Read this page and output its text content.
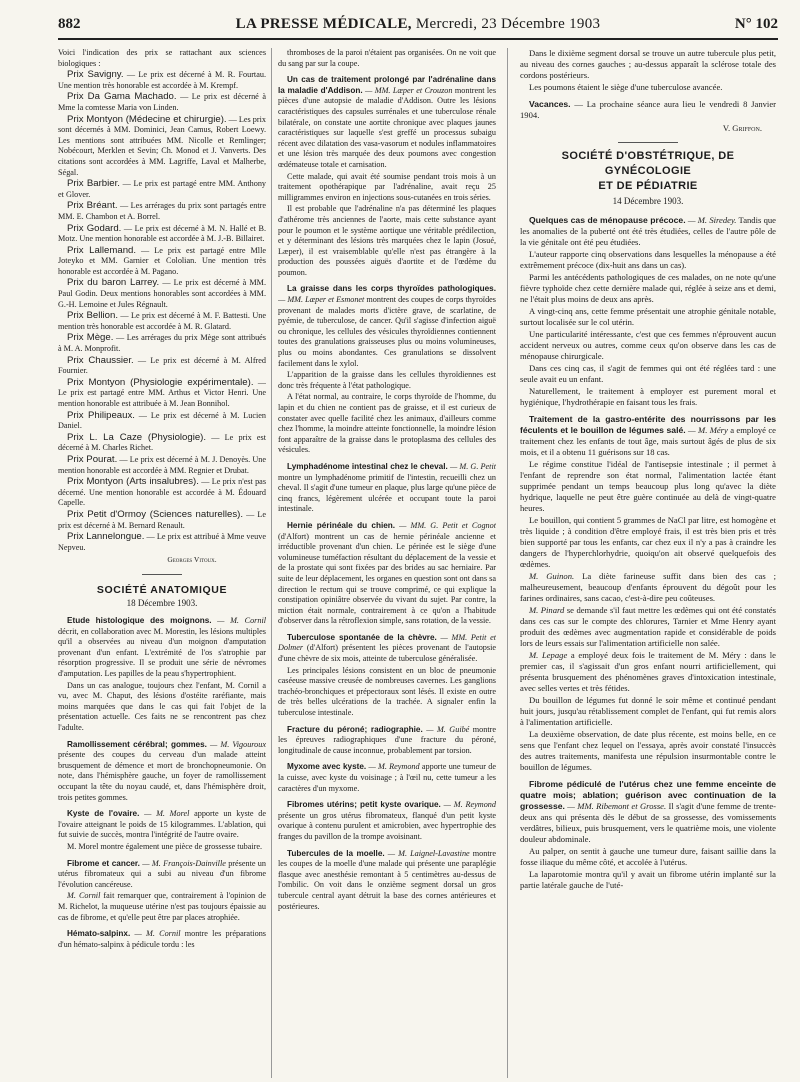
882	LA PRESSE MÉDICALE, Mercredi, 23 Décembre 1903	N° 102

Voici l'indication des prix se rattachant aux sciences biologiques :

Prix Savigny. — Le prix est décerné à M. R. Fourtau. Une mention très honorable est accordée à M. Krempf.

Prix Da Gama Machado. — Le prix est décerné à Mme la comtesse Maria von Linden.

Prix Montyon (Médecine et chirurgie). — Les prix sont décernés à MM. Dominici, Jean Camus, Robert Loewy. Les mentions sont attribuées MM. Nicolle et Remlinger; Nobécourt, Merklen et Sevin; Ch. Monod et J. Vanverts. Des citations sont accordées à MM. Lagriffe, Laval et Malherbe, Ségal.

Prix Barbier. — Le prix est partagé entre MM. Anthony et Glover.

Prix Bréant. — Les arrérages du prix sont partagés entre MM. E. Chambon et A. Borrel.

Prix Godard. — Le prix est décerné à M. N. Hallé et B. Motz. Une mention honorable est accordée à M. J.-B. Billairet.

Prix Lallemand. — Le prix est partagé entre Mlle Joteyko et MM. Garnier et Cololian. Une mention très honorable est accordée à M. Pagano.

Prix du baron Larrey. — Le prix est décerné à MM. Paul Godin. Deux mentions honorables sont accordées à MM. G.-H. Lemoine et Jules Régnault.

Prix Bellion. — Le prix est décerné à M. F. Battesti. Une mention très honorable est accordée à M. R. Glatard.

Prix Mège. — Les arrérages du prix Mège sont attribués à M. A. Monprofit.

Prix Chaussier. — Le prix est décerné à M. Alfred Fournier.

Prix Montyon (Physiologie expérimentale). — Le prix est partagé entre MM. Arthus et Victor Henri. Une mention honorable est attribuée à M. Jean Bonnihol.

Prix Philipeaux. — Le prix est décerné à M. Lucien Daniel.

Prix L. La Caze (Physiologie). — Le prix est décerné à M. Charles Richet.

Prix Pourat. — Le prix est décerné à M. J. Denoyès. Une mention honorable est accordée à MM. Regnier et Drubat.

Prix Montyon (Arts insalubres). — Le prix n'est pas décerné. Une mention honorable est accordée à M. Édouard Capelle.

Prix Petit d'Ormoy (Sciences naturelles). — Le prix est décerné à M. Bernard Renault.

Prix Lannelongue. — Le prix est attribué à Mme veuve Nepveu.

Georges Vitoux.
SOCIÉTÉ ANATOMIQUE
18 Décembre 1903.

Etude histologique des moignons. — M. Cornil décrit, en collaboration avec M. Morestin, les lésions multiples qu'il a observées au niveau d'un moignon d'amputation provenant d'un enfant. L'extrémité de l'os s'atrophie par résorption progressive. Il se produit une série de névromes d'amputation. Les papilles de la peau s'hypertrophient.

Dans un cas analogue, toujours chez l'enfant, M. Cornil a vu, avec M. Chaput, des lésions d'ostéite raréfiante, mais moins marquées que dans le cas qui fait l'objet de la présentation actuelle. Ces faits ne se rencontrent pas chez l'adulte.

Ramollissement cérébral; gommes. — M. Vigouroux présente des coupes du cerveau d'un malade atteint brusquement de démence et mort de bronchopneumonie. On note, dans l'hémisphère gauche, un foyer de ramollissement occupant la tête du noyau caudé, et, dans l'hémisphère droit, trois petites gommes.

Kyste de l'ovaire. — M. Morel apporte un kyste de l'ovaire atteignant le poids de 15 kilogrammes. L'ablation, qui fut suivie de succès, montra l'intégrité de l'autre ovaire.

M. Morel montre également une pièce de grossesse tubaire.

Fibrome et cancer. — M. François-Dainville présente un utérus fibromateux qui a subi au niveau d'un fibrome l'évolution cancéreuse.

M. Cornil fait remarquer que, contrairement à l'opinion de M. Richelot, la muqueuse utérine n'est pas toujours épaissie au cas de fibrome, et qu'elle peut être par places atrophiée.

Hémato-salpinx. — M. Cornil montre les préparations d'un hémato-salpinx à pédicule tordu : les

thromboses de la paroi n'étaient pas organisées. On ne voit que du sang par sur la coupe.

Un cas de traitement prolongé par l'adrénaline dans la maladie d'Addison. — MM. Læper et Crouzon montrent les pièces d'une autopsie de maladie d'Addison. Outre les lésions caractéristiques des capsules surrénales et une tuberculose rénale bilatérale, on constate une aortite chronique avec plaques jaunes caractéristiques sur laquelle s'est greffé un processus subaigu récent avec dilatation des vasa-vasorum et nodules inflammatoires et une lésion très marquée des deux poumons avec congestion œdémateuse totale et carnisation.

Cette malade, qui avait été soumise pendant trois mois à un traitement opothérapique par l'adrénaline, avait reçu 25 milligrammes environ en injections sous-cutanées en trois séries.

Il est probable que l'adrénaline n'a pas déterminé les plaques d'athérome très anciennes de l'aorte, mais cette substance ayant pour le poumon et le système aortique une véritable prédilection, et y déterminant des lésions très marquées chez le lapin (Josué, Læper), il est vraisemblable qu'elle n'est pas étrangère à la production des poussées aiguës d'aortite et de l'œdème du poumon.

La graisse dans les corps thyroïdes pathologiques. — MM. Læper et Esmonet montrent des coupes de corps thyroïdes provenant de malades morts d'ictère grave, de scarlatine, de pyémie, de tuberculose, de cancer. Qu'il s'agisse d'infection aiguë ou chronique, les cellules des vésicules thyroïdiennes contiennent toutes des granulations graisseuses plus ou moins volumineuses, plus ou moins abondantes. Ces granulations se dissolvent facilement dans le xylol.

L'apparition de la graisse dans les cellules thyroïdiennes est donc très fréquente à l'état pathologique.

A l'état normal, au contraire, le corps thyroïde de l'homme, du lapin et du chien ne contient pas de graisse, et il est curieux de constater avec quelle facilité chez les animaux, d'ailleurs comme chez l'homme, la moindre atteinte fonctionnelle, la moindre lésion font apparaître de la graisse dans le protoplasma des cellules des vésicules.

Lymphadénome intestinal chez le cheval. — M. G. Petit montre un lymphadénome primitif de l'intestin, recueilli chez un cheval. Il s'agit d'une tumeur en plaque, plus large qu'une pièce de cinq francs, légèrement ulcérée et occupant toute la paroi intestinale.

Hernie périnéale du chien. — MM. G. Petit et Cognot (d'Alfort) montrent un cas de hernie périnéale ancienne et irréductible provenant d'un chien. Le périnée est le siège d'une volumineuse tuméfaction résultant du déplacement de la vessie et de la prostate qui sont fixées par des brides au sac herniaire. Par suite de leur déplacement, les organes en question sont ont dans sa direction le rectum qui se trouve comprimé, ce qui explique la constipation opiniâtre observée du vivant du sujet. Par contre, la miction était normale, contrairement à ce qu'on a l'habitude d'observer dans la rétroflexion simple, sans rotation, de la vessie.

Tuberculose spontanée de la chèvre. — MM. Petit et Dolmer (d'Alfort) présentent les pièces provenant de l'autopsie d'une chèvre de six mois, atteinte de tuberculose généralisée.

Les principales lésions consistent en un bloc de pneumonie caséeuse massive creusée de nombreuses cavernes. Les ganglions trachéo-bronchiques et prépectoraux sont lésés. Il existe en outre de très belles ulcérations de la trachée. A signaler enfin la tuberculose intestinale.

Fracture du péroné; radiographie. — M. Guibé montre les épreuves radiographiques d'une fracture du péroné, longitudinale de cause inconnue, probablement par torsion.

Myxome avec kyste. — M. Reymond apporte une tumeur de la cuisse, avec kyste du voisinage ; à l'œil nu, cette tumeur a les caractères d'un myxome.

Fibromes utérins; petit kyste ovarique. — M. Reymond présente un gros utérus fibromateux, flanqué d'un petit kyste ovarique à contenu purulent et amicrobien, avec hypertrophie des franges du pavillon de la trompe avoisinant.

Tubercules de la moelle. — M. Laignel-Lavastine montre les coupes de la moelle d'une malade qui présente une paraplégie flasque avec anesthésie remontant à 5 centimètres au-dessus de l'ombilic. On voit dans le onzième segment dorsal un gros tubercule central ayant détruit la base des cornes antérieures et postérieures.

Dans le dixième segment dorsal se trouve un autre tubercule plus petit, au niveau des cornes gauches ; au-dessus apparaît la sclérose totale des cordons postérieurs.

Les poumons étaient le siège d'une tuberculose avancée.

Vacances. — La prochaine séance aura lieu le vendredi 8 Janvier 1904.

V. Griffon.
SOCIÉTÉ D'OBSTÉTRIQUE, DE GYNÉCOLOGIE
ET DE PÉDIATRIE
14 Décembre 1903.

Quelques cas de ménopause précoce. — M. Siredey. Tandis que les anomalies de la puberté ont été très étudiées, celles de l'autre pôle de la vie génitale ont été peu étudiées.

L'auteur rapporte cinq observations dans lesquelles la ménopause a été extrêmement précoce (dix-huit ans dans un cas).

Parmi les antécédents pathologiques de ces malades, on ne note qu'une fièvre typhoïde chez cette dernière malade qui, réglée à seize ans et demi, ne l'était plus moins de deux ans après.

A vingt-cinq ans, cette femme présentait une atrophie génitale notable, surtout localisée sur le col utérin.

Une particularité intéressante, c'est que ces femmes n'éprouvent aucun accident nerveux ou autres, comme ceux qu'on observe dans les cas de ménopause chirurgicale.

Dans ces cinq cas, il s'agit de femmes qui ont été réglées tard : une seule avait eu un enfant.

Naturellement, le traitement à employer est purement moral et hygiénique, l'hydrothérapie en faisant tous les frais.

Traitement de la gastro-entérite des nourrissons par les féculents et le bouillon de légumes salé. — M. Méry a employé ce traitement chez les enfants de tout âge, mais surtout âgés de plus de six mois, et il a obtenu 11 guérisons sur 18 cas.

Le régime constitue l'idéal de l'antisepsie intestinale ; il permet à l'enfant de reprendre son état normal, l'alimentation lactée étant supprimée pendant un temps beaucoup plus long qu'avec la diète hydrique, laquelle ne peut être guère continuée au delà de vingt-quatre heures.

Le bouillon, qui contient 5 grammes de NaCl par litre, est homogène et très liquide ; à condition d'être employé frais, il est très bien pris et très bien supporté par tous les enfants, car chez eux il n'y a pas à craindre les dangers de l'hyperchlorhydrie, quoiqu'on ait observé quelquefois des œdèmes.

M. Guinon. La diète farineuse suffit dans bien des cas ; malheureusement, beaucoup d'enfants éprouvent du dégoût pour les farines ordinaires, sans cacao, c'est-à-dire peu coûteuses.

M. Pinard se demande s'il faut mettre les œdèmes qui ont été constatés dans ces cas sur le compte des chlorures, Tarnier et Mme Henry ayant produit des œdèmes avec augmentation rapide et considérable de poids lors de leurs essais sur l'alimentation artificielle non salée.

M. Lepage a employé deux fois le traitement de M. Méry : dans le premier cas, il s'agissait d'un gros enfant nourri artificiellement, qui présenta brusquement des phénomènes graves d'intoxication intestinale, avec selles vertes et très fétides.

Du bouillon de légumes fut donné le soir même et continué pendant huit jours, jusqu'au rétablissement complet de l'enfant, qui fut remis alors à l'alimentation artificielle.

La deuxième observation, de date plus récente, est moins belle, en ce sens que l'enfant chez lequel on l'essaya, après avoir constaté l'insuccès des autres traitements, manifesta une répulsion insurmontable contre le bouillon de légumes.

Fibrome pédiculé de l'utérus chez une femme enceinte de quatre mois; ablation; guérison avec continuation de la grossesse. — MM. Ribemont et Grosse. Il s'agit d'une femme de trente-deux ans qui présenta dès le début de sa grossesse, des vomissements verdâtres, bilieux, puis brusquement, vers le quatrième mois, une violente douleur abdominale.

Au palper, on sentit à gauche une tumeur dure, faisant saillie dans la fosse iliaque du même côté, et accolée à l'utérus.

La laparotomie montra qu'il y avait un fibrome utérin implanté sur la partie latérale gauche de l'uté-
